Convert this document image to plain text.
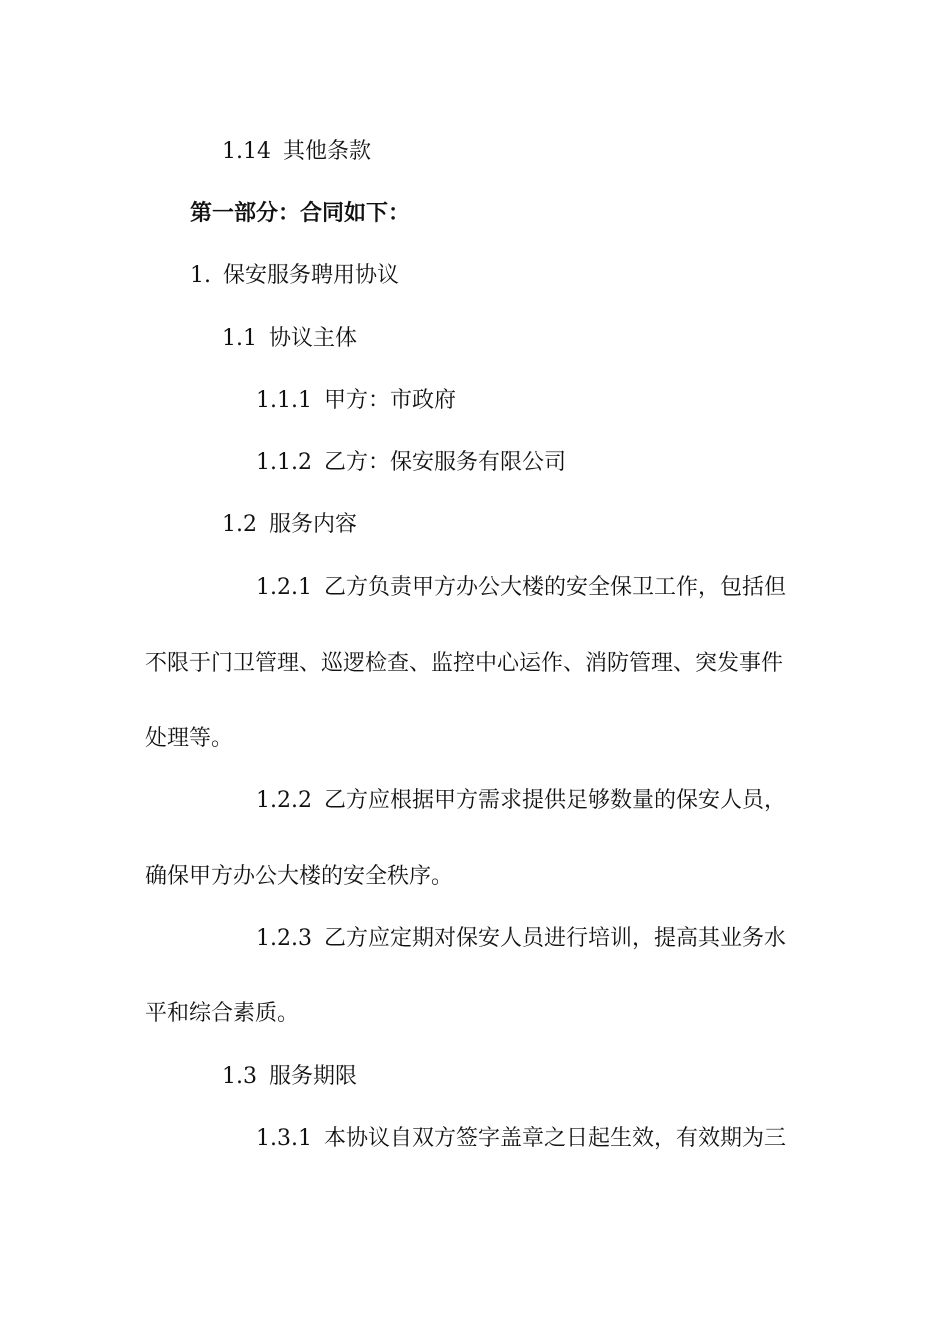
1.14 其他条款
第一部分：合同如下：
1. 保安服务聘用协议
1.1 协议主体
1.1.1 甲方：市政府
1.1.2 乙方：保安服务有限公司
1.2 服务内容
1.2.1 乙方负责甲方办公大楼的安全保卫工作，包括但
不限于门卫管理、巡逻检查、监控中心运作、消防管理、突发事件
处理等。
1.2.2 乙方应根据甲方需求提供足够数量的保安人员，
确保甲方办公大楼的安全秩序。
1.2.3 乙方应定期对保安人员进行培训，提高其业务水
平和综合素质。
1.3 服务期限
1.3.1 本协议自双方签字盖章之日起生效，有效期为三
